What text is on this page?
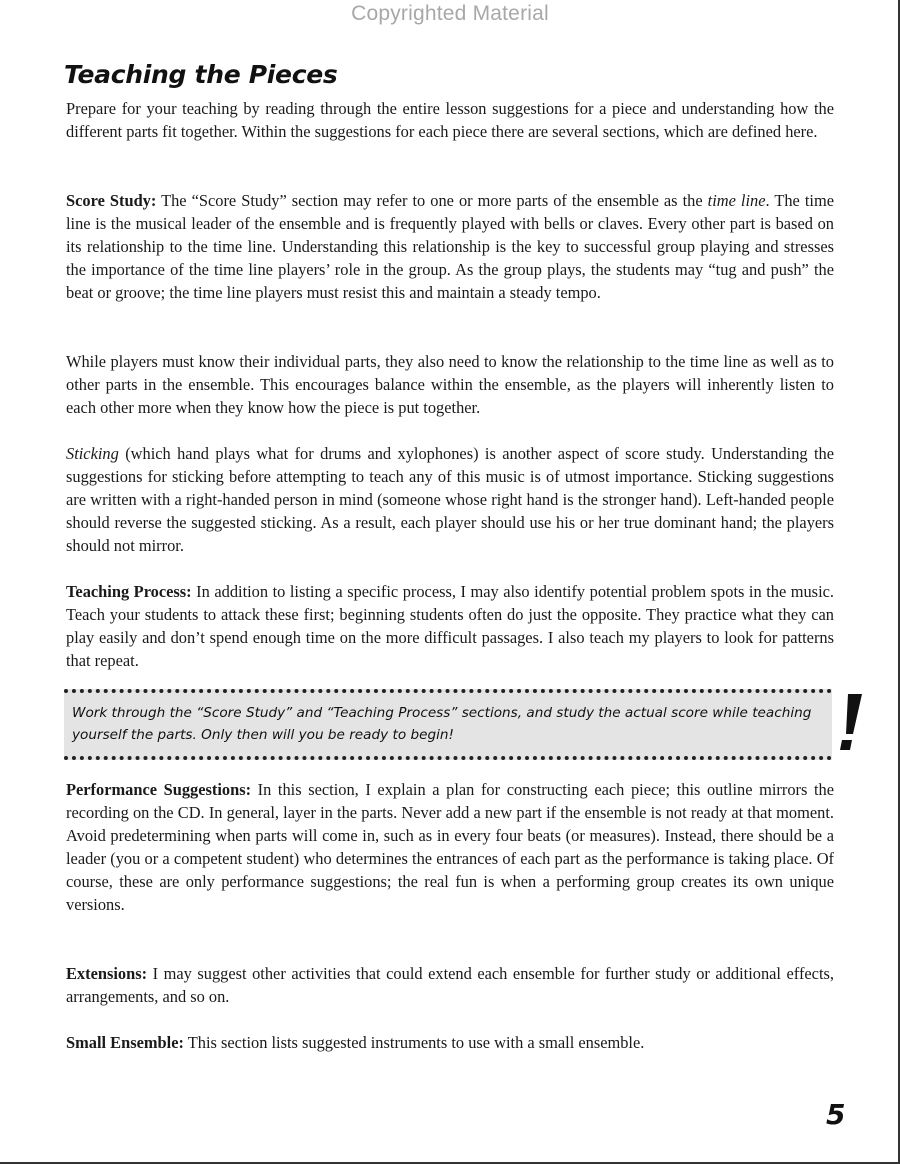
Copyrighted Material
Teaching the Pieces

Prepare for your teaching by reading through the entire lesson suggestions for a piece and understanding how the different parts fit together. Within the suggestions for each piece there are several sections, which are defined here.

Score Study: The “Score Study” section may refer to one or more parts of the ensemble as the time line. The time line is the musical leader of the ensemble and is frequently played with bells or claves. Every other part is based on its relationship to the time line. Understanding this relationship is the key to successful group playing and stresses the importance of the time line players’ role in the group. As the group plays, the students may “tug and push” the beat or groove; the time line players must resist this and maintain a steady tempo.

While players must know their individual parts, they also need to know the relationship to the time line as well as to other parts in the ensemble. This encourages balance within the ensemble, as the players will inherently listen to each other more when they know how the piece is put together.

Sticking (which hand plays what for drums and xylophones) is another aspect of score study. Understanding the suggestions for sticking before attempting to teach any of this music is of utmost importance. Sticking suggestions are written with a right-handed person in mind (someone whose right hand is the stronger hand). Left-handed people should reverse the suggested sticking. As a result, each player should use his or her true dominant hand; the players should not mirror.

Teaching Process: In addition to listing a specific process, I may also identify potential problem spots in the music. Teach your students to attack these first; beginning students often do just the opposite. They practice what they can play easily and don’t spend enough time on the more difficult passages. I also teach my players to look for patterns that repeat.

Work through the “Score Study” and “Teaching Process” sections, and study the actual score while teaching yourself the parts. Only then will you be ready to begin!

Performance Suggestions: In this section, I explain a plan for constructing each piece; this outline mirrors the recording on the CD. In general, layer in the parts. Never add a new part if the ensemble is not ready at that moment. Avoid predetermining when parts will come in, such as in every four beats (or measures). Instead, there should be a leader (you or a competent student) who determines the entrances of each part as the performance is taking place. Of course, these are only performance suggestions; the real fun is when a performing group creates its own unique versions.

Extensions: I may suggest other activities that could extend each ensemble for further study or additional effects, arrangements, and so on.

Small Ensemble: This section lists suggested instruments to use with a small ensemble.

5
